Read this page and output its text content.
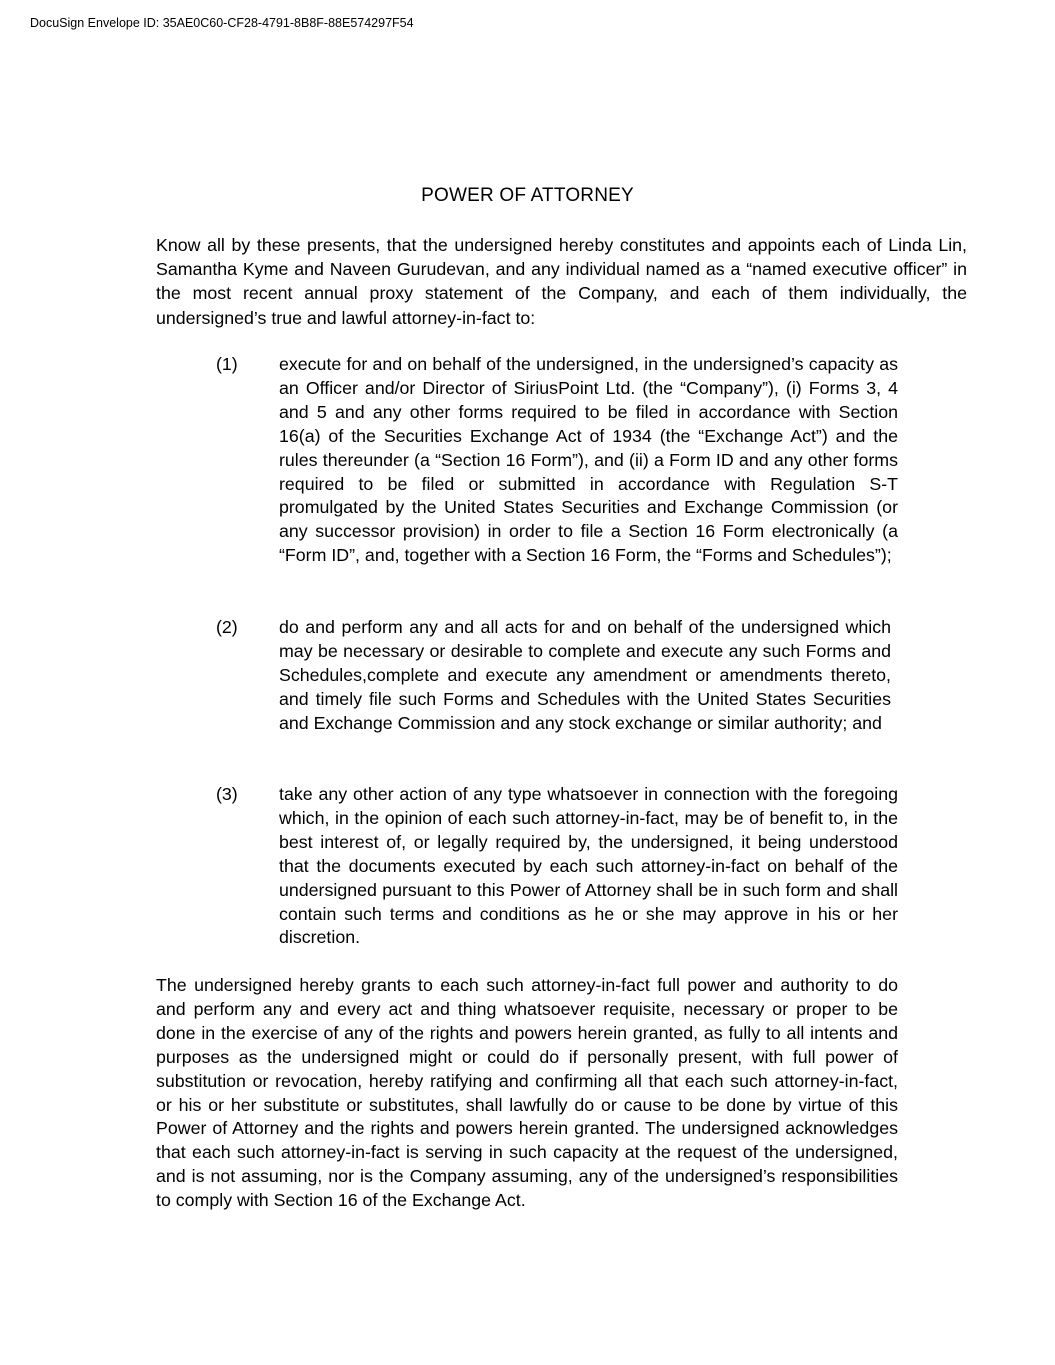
DocuSign Envelope ID: 35AE0C60-CF28-4791-8B8F-88E574297F54
POWER OF ATTORNEY

Know all by these presents, that the undersigned hereby constitutes and appoints each of Linda Lin, Samantha Kyme and Naveen Gurudevan, and any individual named as a “named executive officer” in the most recent annual proxy statement of the Company, and each of them individually, the undersigned’s true and lawful attorney-in-fact to:

(1) execute for and on behalf of the undersigned, in the undersigned’s capacity as an Officer and/or Director of SiriusPoint Ltd. (the “Company”), (i) Forms 3, 4 and 5 and any other forms required to be filed in accordance with Section 16(a) of the Securities Exchange Act of 1934 (the “Exchange Act”) and the rules thereunder (a “Section 16 Form”), and (ii) a Form ID and any other forms required to be filed or submitted in accordance with Regulation S-T promulgated by the United States Securities and Exchange Commission (or any successor provision) in order to file a Section 16 Form electronically (a “Form ID”, and, together with a Section 16 Form, the “Forms and Schedules”);
(2) do and perform any and all acts for and on behalf of the undersigned which may be necessary or desirable to complete and execute any such Forms and Schedules,complete and execute any amendment or amendments thereto, and timely file such Forms and Schedules with the United States Securities and Exchange Commission and any stock exchange or similar authority; and
(3) take any other action of any type whatsoever in connection with the foregoing which, in the opinion of each such attorney-in-fact, may be of benefit to, in the best interest of, or legally required by, the undersigned, it being understood that the documents executed by each such attorney-in-fact on behalf of the undersigned pursuant to this Power of Attorney shall be in such form and shall contain such terms and conditions as he or she may approve in his or her discretion.

The undersigned hereby grants to each such attorney-in-fact full power and authority to do and perform any and every act and thing whatsoever requisite, necessary or proper to be done in the exercise of any of the rights and powers herein granted, as fully to all intents and purposes as the undersigned might or could do if personally present, with full power of substitution or revocation, hereby ratifying and confirming all that each such attorney-in-fact, or his or her substitute or substitutes, shall lawfully do or cause to be done by virtue of this Power of Attorney and the rights and powers herein granted. The undersigned acknowledges that each such attorney-in-fact is serving in such capacity at the request of the undersigned, and is not assuming, nor is the Company assuming, any of the undersigned’s responsibilities to comply with Section 16 of the Exchange Act.
